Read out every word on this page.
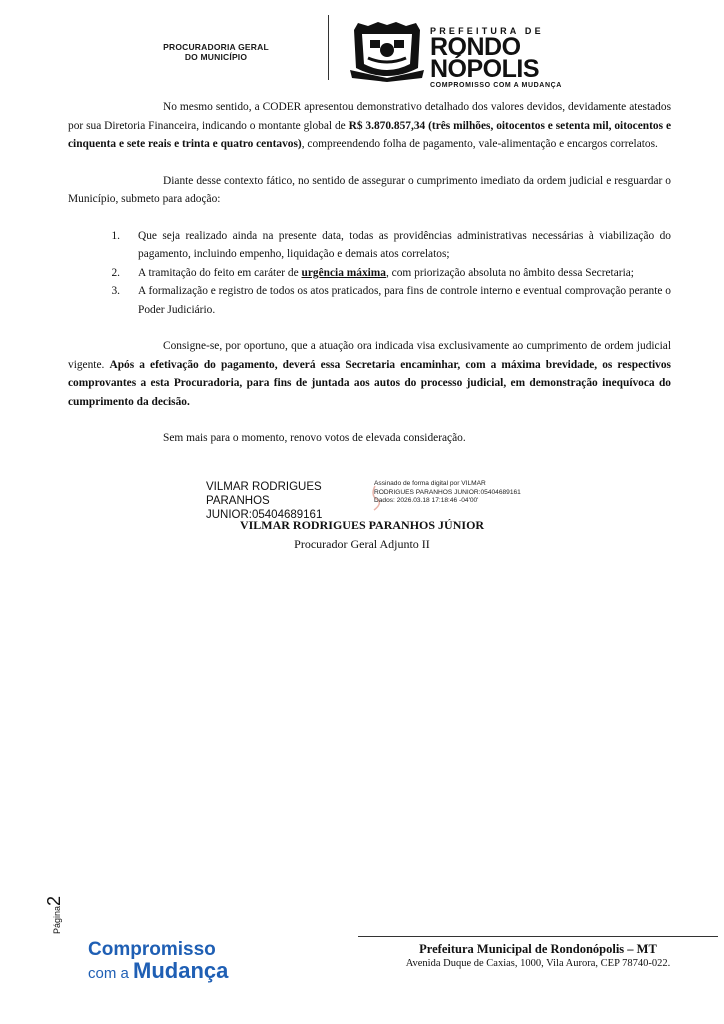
PROCURADORIA GERAL
DO MUNICÍPIO
PREFEITURA DE
RONDO
NÓPOLIS
COMPROMISSO COM A MUDANÇA

No mesmo sentido, a CODER apresentou demonstrativo detalhado dos valores devidos, devidamente atestados por sua Diretoria Financeira, indicando o montante global de R$ 3.870.857,34 (três milhões, oitocentos e setenta mil, oitocentos e cinquenta e sete reais e trinta e quatro centavos), compreendendo folha de pagamento, vale-alimentação e encargos correlatos.

Diante desse contexto fático, no sentido de assegurar o cumprimento imediato da ordem judicial e resguardar o Município, submeto para adoção:

1.	Que seja realizado ainda na presente data, todas as providências administrativas necessárias à viabilização do pagamento, incluindo empenho, liquidação e demais atos correlatos;
2.	A tramitação do feito em caráter de urgência máxima, com priorização absoluta no âmbito dessa Secretaria;
3.	A formalização e registro de todos os atos praticados, para fins de controle interno e eventual comprovação perante o Poder Judiciário.

Consigne-se, por oportuno, que a atuação ora indicada visa exclusivamente ao cumprimento de ordem judicial vigente. Após a efetivação do pagamento, deverá essa Secretaria encaminhar, com a máxima brevidade, os respectivos comprovantes a esta Procuradoria, para fins de juntada aos autos do processo judicial, em demonstração inequívoca do cumprimento da decisão.

Sem mais para o momento, renovo votos de elevada consideração.

VILMAR RODRIGUES PARANHOS
JUNIOR:05404689161
Assinado de forma digital por VILMAR
RODRIGUES PARANHOS JUNIOR:05404689161
Dados: 2026.03.18 17:18:46 -04'00'
VILMAR RODRIGUES PARANHOS JÚNIOR
Procurador Geral Adjunto II
Página2
Compromisso
com a Mudança
Prefeitura Municipal de Rondonópolis – MT
Avenida Duque de Caxias, 1000, Vila Aurora, CEP 78740-022.
